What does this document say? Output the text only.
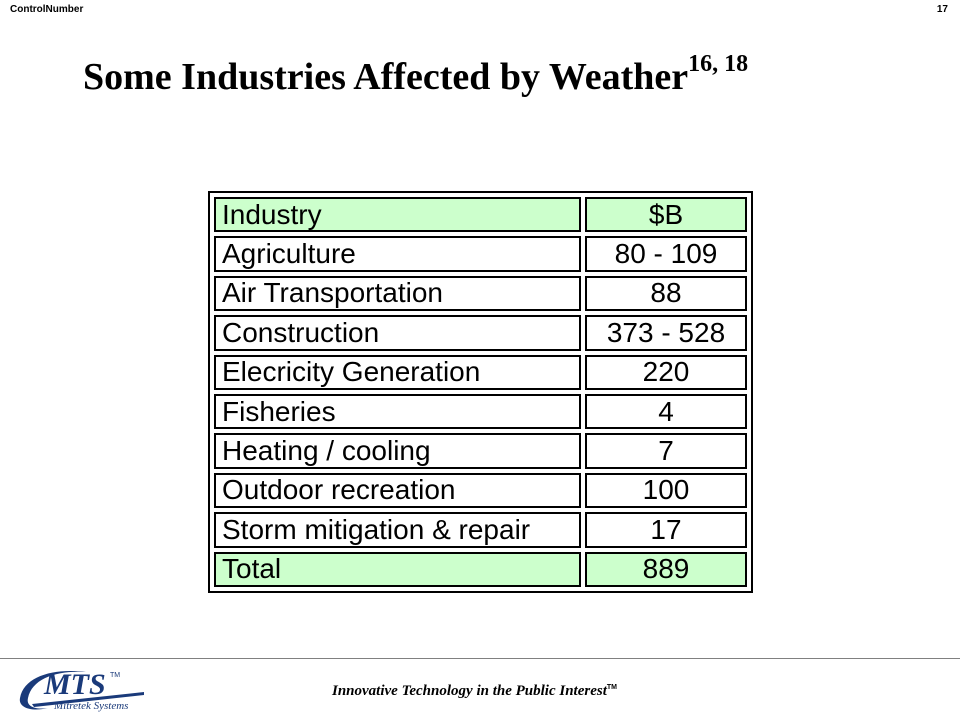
ControlNumber	17
Some Industries Affected by Weather$^{16, 18}$
Industry	$B
Agriculture	80 - 109
Air Transportation	88
Construction	373 - 528
Elecricity Generation	220
Fisheries	4
Heating / cooling	7
Outdoor recreation	100
Storm mitigation & repair	17
Total	889
MTS TM
Mitretek Systems
Innovative Technology in the Public Interest™
